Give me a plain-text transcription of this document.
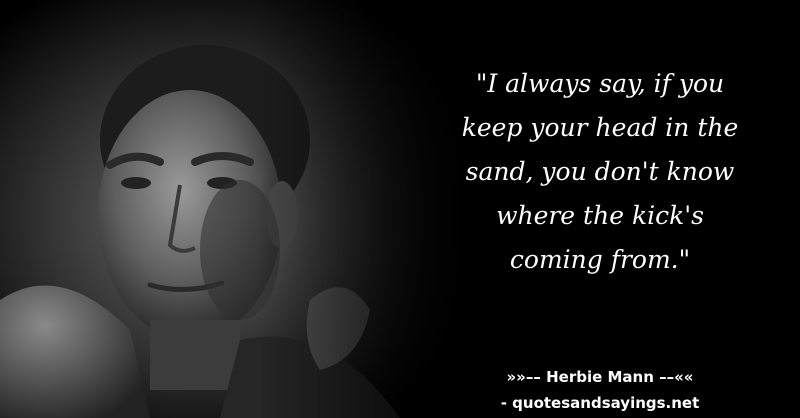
"I always say, if you
keep your head in the
sand, you don't know
where the kick's
coming from."

»»–– Herbie Mann ––««

- quotesandsayings.net
